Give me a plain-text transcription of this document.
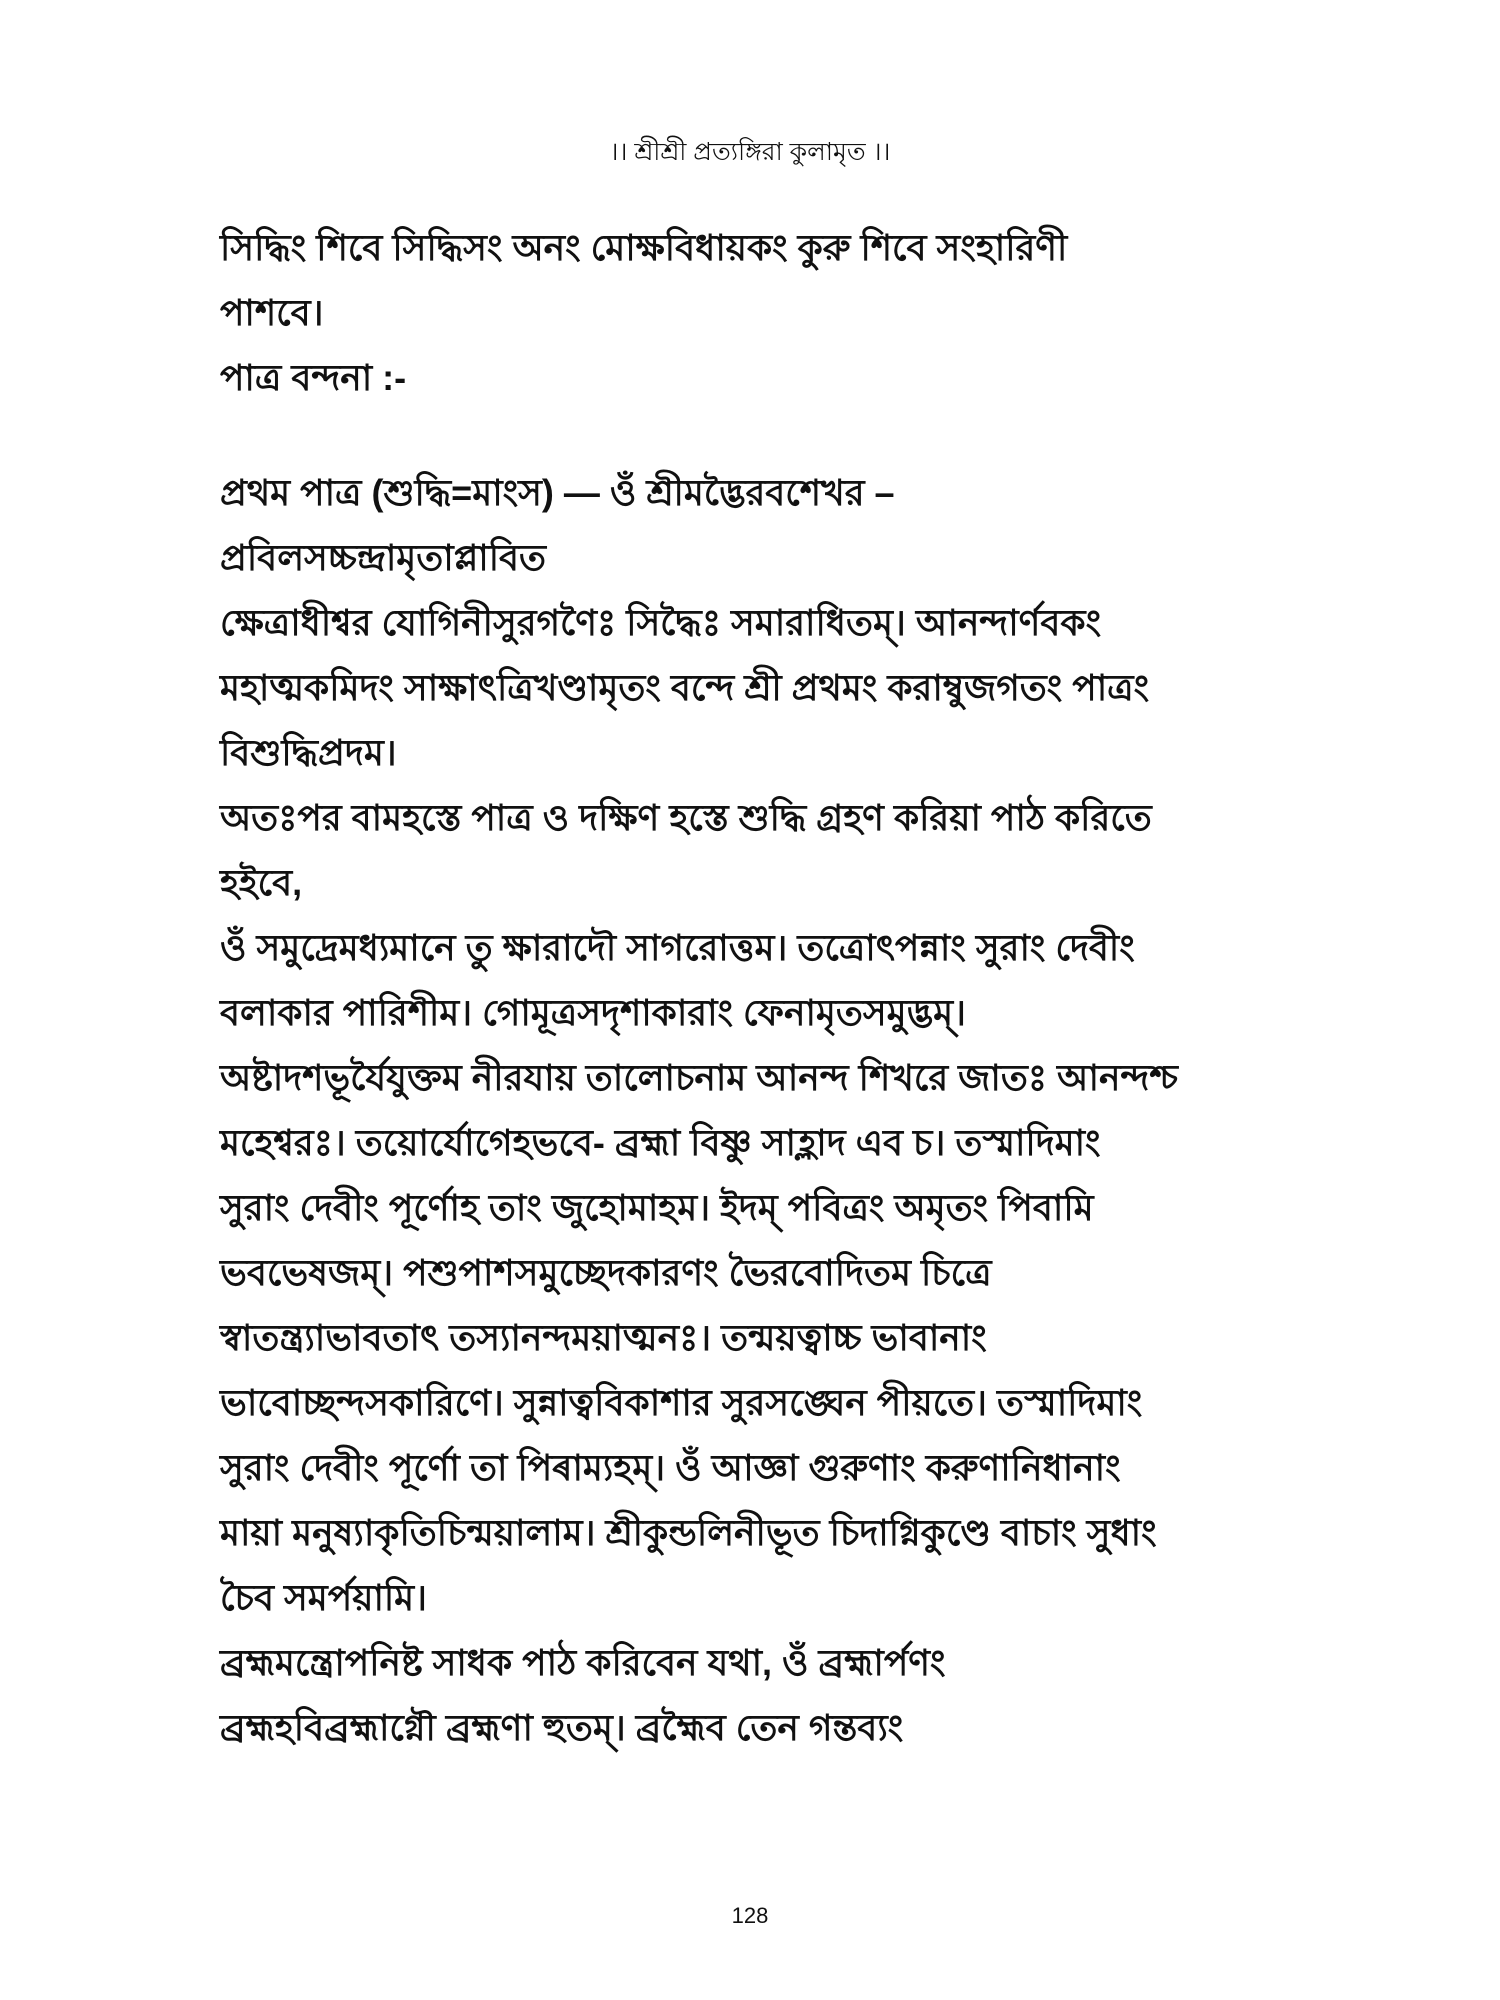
।। শ্রীশ্রী প্রত্যঙ্গিরা কুলামৃত ।।
সিদ্ধিং শিবে সিদ্ধিসং অনং মোক্ষবিধায়কং কুরু শিবে সংহারিণী
পাশবে।
পাত্র বন্দনা :-
প্রথম পাত্র (শুদ্ধি=মাংস) — ওঁ শ্রীমদ্ভৈরবশেখর –
প্রবিলসচ্চন্দ্রামৃতাপ্লাবিত
ক্ষেত্রাধীশ্বর যোগিনীসুরগণৈঃ সিদ্ধৈঃ সমারাধিতম্। আনন্দার্ণবকং
মহাত্মকমিদং সাক্ষাৎত্রিখণ্ডামৃতং বন্দে শ্রী প্রথমং করাম্বুজগতং পাত্রং
বিশুদ্ধিপ্রদম।
অতঃপর বামহস্তে পাত্র ও দক্ষিণ হস্তে শুদ্ধি গ্রহণ করিয়া পাঠ করিতে
হইবে,
ওঁ সমুদ্রেমধ্যমানে তু ক্ষারাদৌ সাগরোত্তম। তত্রোৎপন্নাং সুরাং দেবীং
বলাকার পারিশীম। গোমূত্রসদৃশাকারাং ফেনামৃতসমুদ্ভম্।
অষ্টাদশভূর্যৈযুক্তম নীরযায় তালোচনাম আনন্দ শিখরে জাতঃ আনন্দশ্চ
মহেশ্বরঃ। তয়োর্যোগেহভবে- ব্রহ্মা বিষ্ণু সাহ্লাদ এব চ। তস্মাদিমাং
সুরাং দেবীং পূর্ণোহ তাং জুহোমাহম। ইদম্ পবিত্রং অমৃতং পিবামি
ভবভেষজম্। পশুপাশসমুচ্ছেদকারণং ভৈরবোদিতম চিত্রে
স্বাতন্ত্র্যাভাবতাৎ তস্যানন্দময়াত্মনঃ। তন্ময়ত্বাচ্চ ভাবানাং
ভাবোচ্ছন্দসকারিণে। সুন্নাত্ববিকাশার সুরসঙ্ঘেন পীয়তে। তস্মাদিমাং
সুরাং দেবীং পূর্ণো তা পিৰাম্যহম্। ওঁ আজ্ঞা গুরুণাং করুণানিধানাং
মায়া মনুষ্যাকৃতিচিন্ময়ালাম। শ্রীকুন্ডলিনীভূত চিদাগ্নিকুণ্ডে বাচাং সুধাং
চৈব সমর্পয়ামি।
ব্রহ্মমন্ত্রোপনিষ্ট সাধক পাঠ করিবেন যথা, ওঁ ব্রহ্মার্পণং
ব্রহ্মহবিব্রহ্মাগ্নৌ ব্রহ্মণা হুতম্। ব্রহ্মৈব তেন গন্তব্যং
128
